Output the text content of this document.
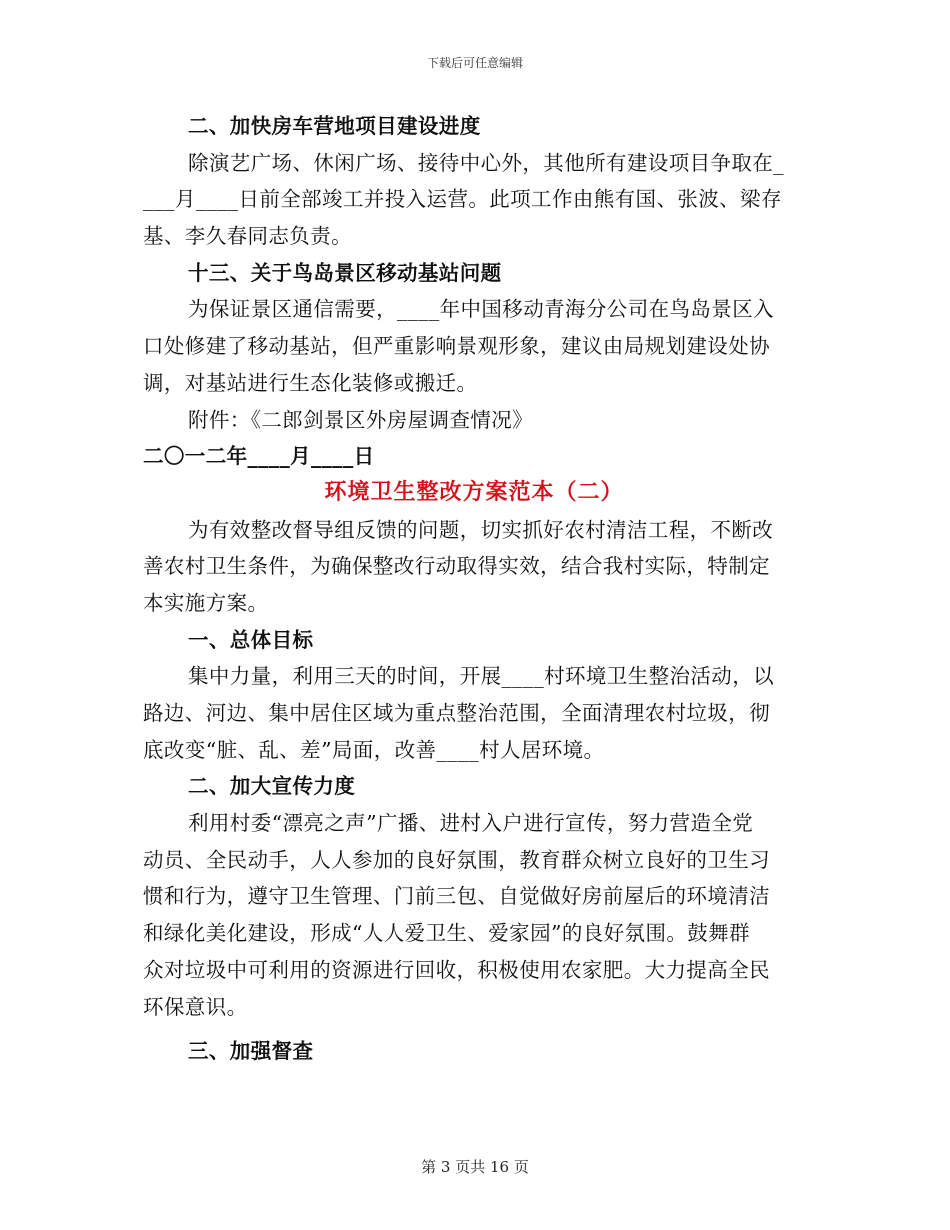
下载后可任意编辑
二、加快房车营地项目建设进度
除演艺广场、休闲广场、接待中心外，其他所有建设项目争取在_
___月____日前全部竣工并投入运营。此项工作由熊有国、张波、梁存
基、李久春同志负责。
十三、关于鸟岛景区移动基站问题
为保证景区通信需要，____年中国移动青海分公司在鸟岛景区入
口处修建了移动基站，但严重影响景观形象，建议由局规划建设处协
调，对基站进行生态化装修或搬迁。
附件：《二郎剑景区外房屋调查情况》
二〇一二年____月____日
环境卫生整改方案范本（二）
为有效整改督导组反馈的问题，切实抓好农村清洁工程，不断改
善农村卫生条件，为确保整改行动取得实效，结合我村实际，特制定
本实施方案。
一、总体目标
集中力量，利用三天的时间，开展____村环境卫生整治活动，以
路边、河边、集中居住区域为重点整治范围，全面清理农村垃圾，彻
底改变“脏、乱、差”局面，改善____村人居环境。
二、加大宣传力度
利用村委“漂亮之声”广播、进村入户进行宣传，努力营造全党
动员、全民动手，人人参加的良好氛围，教育群众树立良好的卫生习
惯和行为，遵守卫生管理、门前三包、自觉做好房前屋后的环境清洁
和绿化美化建设，形成“人人爱卫生、爱家园”的良好氛围。鼓舞群
众对垃圾中可利用的资源进行回收，积极使用农家肥。大力提高全民
环保意识。
三、加强督查
第 3 页共 16 页
